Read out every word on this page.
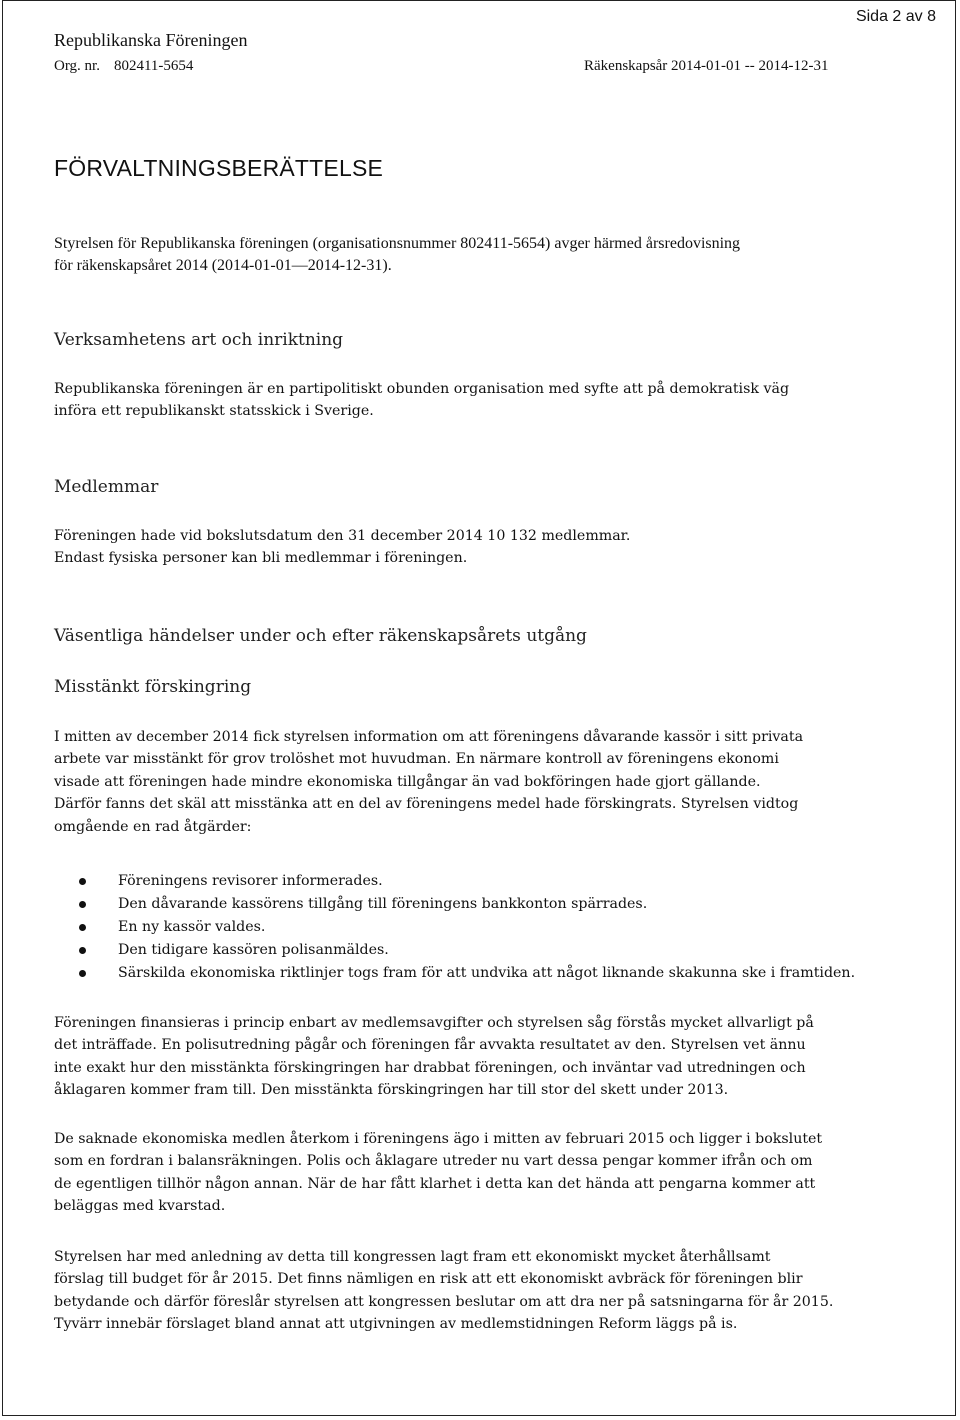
Republikanska Föreningen
Org. nr. 802411-5654	Räkenskapsår 2014-01-01 -- 2014-12-31
Sida 2 av 8
FÖRVALTNINGSBERÄTTELSE
Styrelsen för Republikanska föreningen (organisationsnummer 802411-5654) avger härmed årsredovisning
för räkenskapsåret 2014 (2014-01-01—2014-12-31).
Verksamhetens art och inriktning
Republikanska föreningen är en partipolitiskt obunden organisation med syfte att på demokratisk väg
införa ett republikanskt statsskick i Sverige.
Medlemmar
Föreningen hade vid bokslutsdatum den 31 december 2014 10 132 medlemmar.
Endast fysiska personer kan bli medlemmar i föreningen.
Väsentliga händelser under och efter räkenskapsårets utgång
Misstänkt förskingring
I mitten av december 2014 fick styrelsen information om att föreningens dåvarande kassör i sitt privata
arbete var misstänkt för grov trolöshet mot huvudman. En närmare kontroll av föreningens ekonomi
visade att föreningen hade mindre ekonomiska tillgångar än vad bokföringen hade gjort gällande.
Därför fanns det skäl att misstänka att en del av föreningens medel hade förskingrats. Styrelsen vidtog
omgående en rad åtgärder:
Föreningens revisorer informerades.
Den dåvarande kassörens tillgång till föreningens bankkonton spärrades.
En ny kassör valdes.
Den tidigare kassören polisanmäldes.
Särskilda ekonomiska riktlinjer togs fram för att undvika att något liknande skakunna ske i framtiden.
Föreningen finansieras i princip enbart av medlemsavgifter och styrelsen såg förstås mycket allvarligt på
det inträffade. En polisutredning pågår och föreningen får avvakta resultatet av den. Styrelsen vet ännu
inte exakt hur den misstänkta förskingringen har drabbat föreningen, och inväntar vad utredningen och
åklagaren kommer fram till. Den misstänkta förskingringen har till stor del skett under 2013.
De saknade ekonomiska medlen återkom i föreningens ägo i mitten av februari 2015 och ligger i bokslutet
som en fordran i balansräkningen. Polis och åklagare utreder nu vart dessa pengar kommer ifrån och om
de egentligen tillhör någon annan. När de har fått klarhet i detta kan det hända att pengarna kommer att
beläggas med kvarstad.
Styrelsen har med anledning av detta till kongressen lagt fram ett ekonomiskt mycket återhållsamt
förslag till budget för år 2015. Det finns nämligen en risk att ett ekonomiskt avbräck för föreningen blir
betydande och därför föreslår styrelsen att kongressen beslutar om att dra ner på satsningarna för år 2015.
Tyvärr innebär förslaget bland annat att utgivningen av medlemstidningen Reform läggs på is.
